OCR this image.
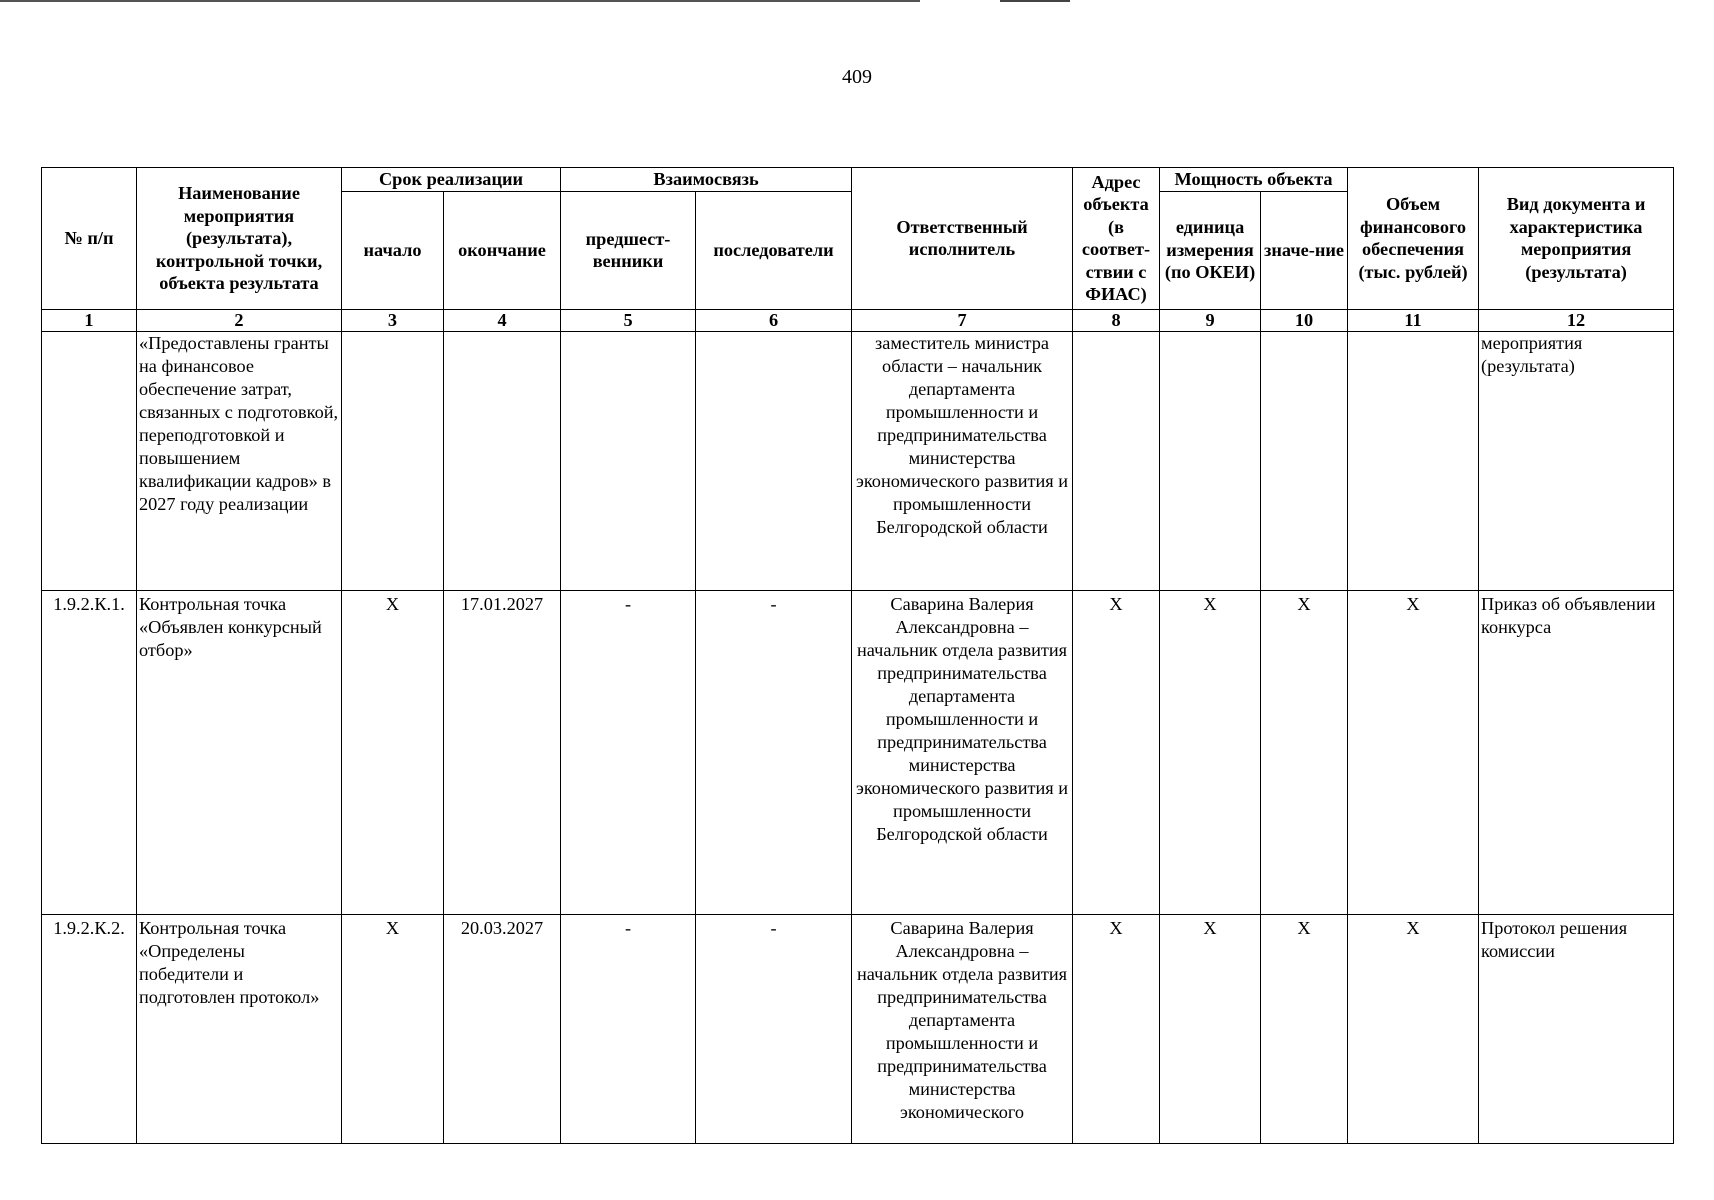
409
№ п/п	Наименование мероприятия (результата), контрольной точки, объекта результата	Срок реализации		Взаимосвязь		Ответственный исполнитель	Адрес объекта (в соответ-ствии с ФИАС)	Мощность объекта		Объем финансового обеспечения (тыс. рублей)	Вид документа и характеристика мероприятия (результата)
		начало	окончание	предшест-венники	последователи			единица измерения (по ОКЕИ)	значе-ние		
1	2	3	4	5	6	7	8	9	10	11	12
	«Предоставлены гранты на финансовое обеспечение затрат, связанных с подготовкой, переподготовкой и повышением квалификации кадров» в 2027 году реализации					заместитель министра области – начальник департамента промышленности и предпринимательства министерства экономического развития и промышленности Белгородской области					мероприятия (результата)
1.9.2.К.1.	Контрольная точка «Объявлен конкурсный отбор»	X	17.01.2027	-	-	Саварина Валерия Александровна – начальник отдела развития предпринимательства департамента промышленности и предпринимательства министерства экономического развития и промышленности Белгородской области	X	X	X	X	Приказ об объявлении конкурса
1.9.2.К.2.	Контрольная точка «Определены победители и подготовлен протокол»	X	20.03.2027	-	-	Саварина Валерия Александровна – начальник отдела развития предпринимательства департамента промышленности и предпринимательства министерства экономического	X	X	X	X	Протокол решения комиссии
